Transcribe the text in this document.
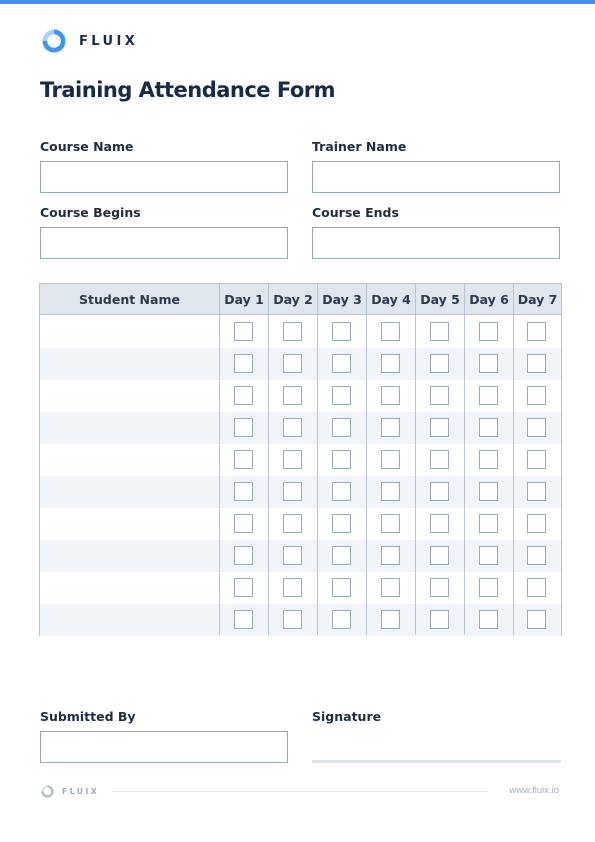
FLUIX
Training Attendance Form
Course Name	Trainer Name
Course Begins	Course Ends
Student Name	Day 1 Day 2 Day 3 Day 4 Day 5 Day 6 Day 7
Submitted By	Signature
FLUIX	www.fluix.io
